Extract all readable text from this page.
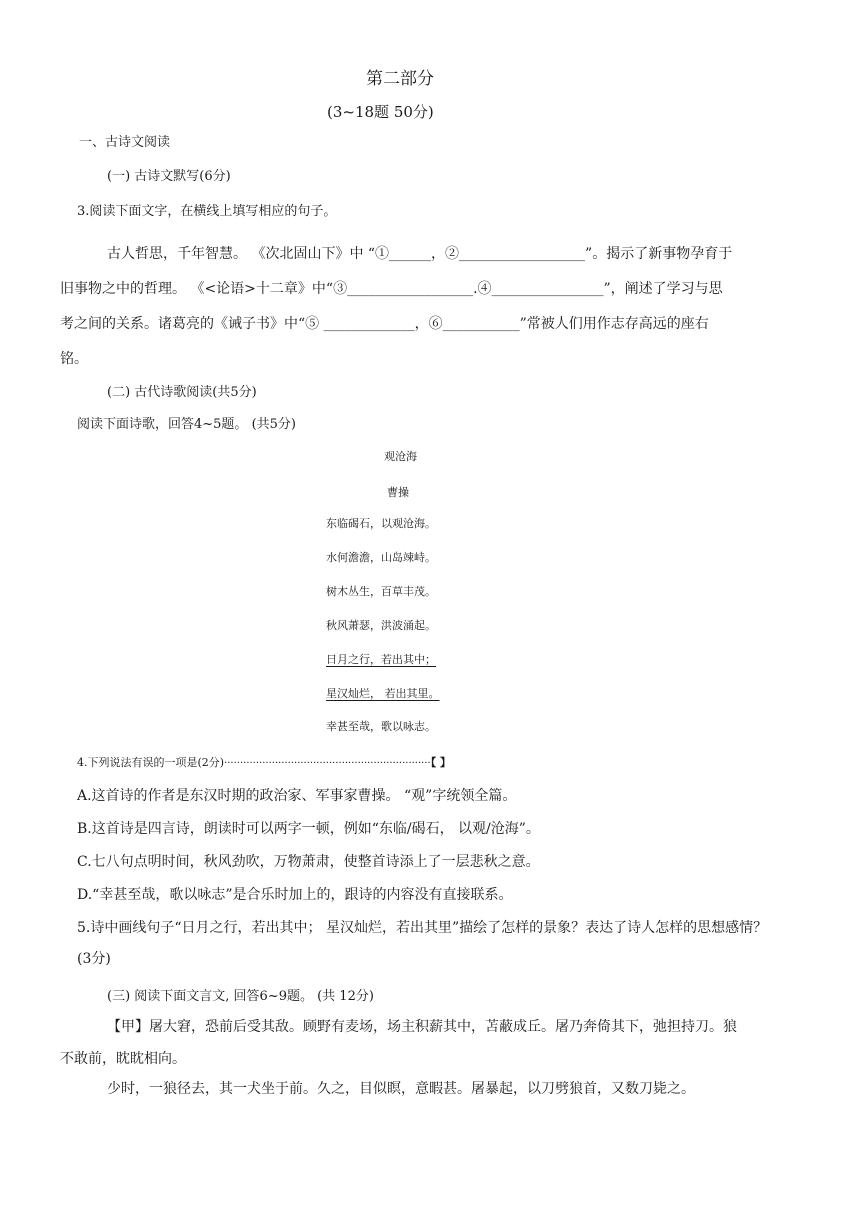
第二部分
(3~18题 50分)
一、古诗文阅读
(一) 古诗文默写(6分)
3.阅读下面文字，在横线上填写相应的句子。
古人哲思，千年智慧。 《次北固山下》中 “①______，②__________________”。揭示了新事物孕育于
旧事物之中的哲理。 《<论语>十二章》中“③__________________.④________________”，阐述了学习与思
考之间的关系。诸葛亮的《诫子书》中“⑤ _____________，⑥___________”常被人们用作志存高远的座右
铭。
(二) 古代诗歌阅读(共5分)
阅读下面诗歌，回答4~5题。 (共5分)
观沧海
曹操
东临碣石，以观沧海。
水何澹澹，山岛竦峙。
树木丛生，百草丰茂。
秋风萧瑟，洪波涌起。
日月之行，若出其中；
星汉灿烂， 若出其里。
幸甚至哉，歌以咏志。
4.下列说法有误的一项是(2分)·································································【 】
A.这首诗的作者是东汉时期的政治家、军事家曹操。 “观”字统领全篇。
B.这首诗是四言诗，朗读时可以两字一顿，例如“东临/碣石， 以观/沧海”。
C.七八句点明时间，秋风劲吹，万物萧肃，使整首诗添上了一层悲秋之意。
D.“幸甚至哉，歌以咏志”是合乐时加上的，跟诗的内容没有直接联系。
5.诗中画线句子“日月之行，若出其中； 星汉灿烂，若出其里”描绘了怎样的景象？表达了诗人怎样的思想感情？
(3分)
(三) 阅读下面文言文, 回答6~9题。 (共 12分)
【甲】屠大窘，恐前后受其敌。顾野有麦场，场主积薪其中，苫蔽成丘。屠乃奔倚其下，弛担持刀。狼
不敢前，眈眈相向。
少时，一狼径去，其一犬坐于前。久之，目似瞑，意暇甚。屠暴起，以刀劈狼首，又数刀毙之。
